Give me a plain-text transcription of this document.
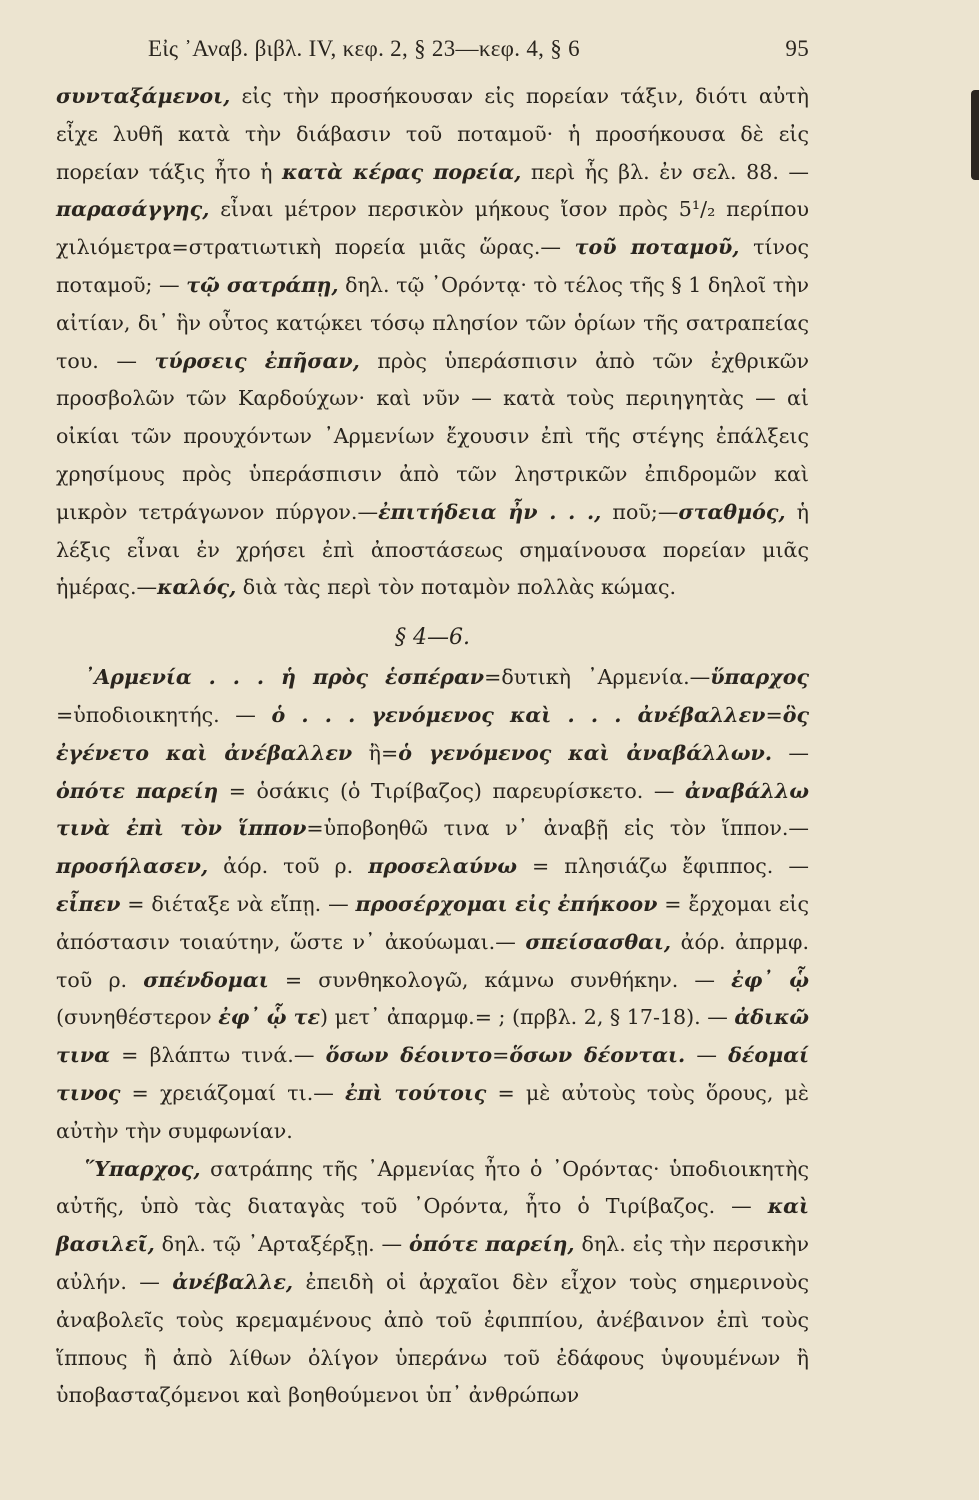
Εἰς ᾿Αναβ. βιβλ. IV, κεφ. 2, § 23—κεφ. 4, § 6	95

συνταξάμενοι, εἰς τὴν προσήκουσαν εἰς πορείαν τάξιν, διότι αὐτὴ εἶχε λυθῆ κατὰ τὴν διάβασιν τοῦ ποταμοῦ· ἡ προσήκουσα δὲ εἰς πορείαν τάξις ἦτο ἡ κατὰ κέρας πορεία, περὶ ἧς βλ. ἐν σελ. 88. — παρασάγγης, εἶναι μέτρον περσικὸν μήκους ἴσον πρὸς 5¹/₂ περίπου χιλιόμετρα=στρατιωτικὴ πορεία μιᾶς ὥρας.— τοῦ ποταμοῦ, τίνος ποταμοῦ; — τῷ σατράπῃ, δηλ. τῷ ᾿Ορόντᾳ· τὸ τέλος τῆς § 1 δηλοῖ τὴν αἰτίαν, δι᾿ ἣν οὗτος κατῴκει τόσῳ πλησίον τῶν ὁρίων τῆς σατραπείας του. — τύρσεις ἐπῆσαν, πρὸς ὑπεράσπισιν ἀπὸ τῶν ἐχθρικῶν προσβολῶν τῶν Καρδούχων· καὶ νῦν — κατὰ τοὺς περιηγητὰς — αἱ οἰκίαι τῶν προυχόντων ᾿Αρμενίων ἔχουσιν ἐπὶ τῆς στέγης ἐπάλξεις χρησίμους πρὸς ὑπεράσπισιν ἀπὸ τῶν ληστρικῶν ἐπιδρομῶν καὶ μικρὸν τετράγωνον πύργον.—ἐπιτήδεια ἦν . . ., ποῦ;—σταθμός, ἡ λέξις εἶναι ἐν χρήσει ἐπὶ ἀποστάσεως σημαίνουσα πορείαν μιᾶς ἡμέρας.—καλός, διὰ τὰς περὶ τὸν ποταμὸν πολλὰς κώμας.

§ 4—6.

᾿Αρμενία . . . ἡ πρὸς ἑσπέραν=δυτικὴ ᾿Αρμενία.—ὕπαρχος =ὑποδιοικητής. — ὁ . . . γενόμενος καὶ . . . ἀνέβαλλεν=ὃς ἐγένετο καὶ ἀνέβαλλεν ἢ=ὁ γενόμενος καὶ ἀναβάλλων. — ὁπότε παρείη = ὁσάκις (ὁ Τιρίβαζος) παρευρίσκετο. — ἀναβάλλω τινὰ ἐπὶ τὸν ἵππον=ὑποβοηθῶ τινα ν᾿ ἀναβῇ εἰς τὸν ἵππον.—προσήλασεν, ἀόρ. τοῦ ρ. προσελαύνω = πλησιάζω ἔφιππος. — εἶπεν = διέταξε νὰ εἴπῃ. — προσέρχομαι εἰς ἐπήκοον = ἔρχομαι εἰς ἀπόστασιν τοιαύτην, ὥστε ν᾿ ἀκούωμαι.— σπείσασθαι, ἀόρ. ἀπρμφ. τοῦ ρ. σπένδομαι = συνθηκολογῶ, κάμνω συνθήκην. — ἐφ᾿ ᾧ (συνηθέστερον ἐφ᾿ ᾧ τε) μετ᾿ ἀπαρμφ.= ; (πρβλ. 2, § 17-18). — ἀδικῶ τινα = βλάπτω τινά.— ὅσων δέοιντο=ὅσων δέονται. — δέομαί τινος = χρειάζομαί τι.— ἐπὶ τούτοις = μὲ αὐτοὺς τοὺς ὅρους, μὲ αὐτὴν τὴν συμφωνίαν.

῞Υπαρχος, σατράπης τῆς ᾿Αρμενίας ἦτο ὁ ᾿Ορόντας· ὑποδιοικητὴς αὐτῆς, ὑπὸ τὰς διαταγὰς τοῦ ᾿Ορόντα, ἦτο ὁ Τιρίβαζος. — καὶ βασιλεῖ, δηλ. τῷ ᾿Αρταξέρξῃ. — ὁπότε παρείη, δηλ. εἰς τὴν περσικὴν αὐλήν. — ἀνέβαλλε, ἐπειδὴ οἱ ἀρχαῖοι δὲν εἶχον τοὺς σημερινοὺς ἀναβολεῖς τοὺς κρεμαμένους ἀπὸ τοῦ ἐφιππίου, ἀνέβαινον ἐπὶ τοὺς ἵππους ἢ ἀπὸ λίθων ὀλίγον ὑπεράνω τοῦ ἐδάφους ὑψουμένων ἢ ὑποβασταζόμενοι καὶ βοηθούμενοι ὑπ᾿ ἀνθρώπων
